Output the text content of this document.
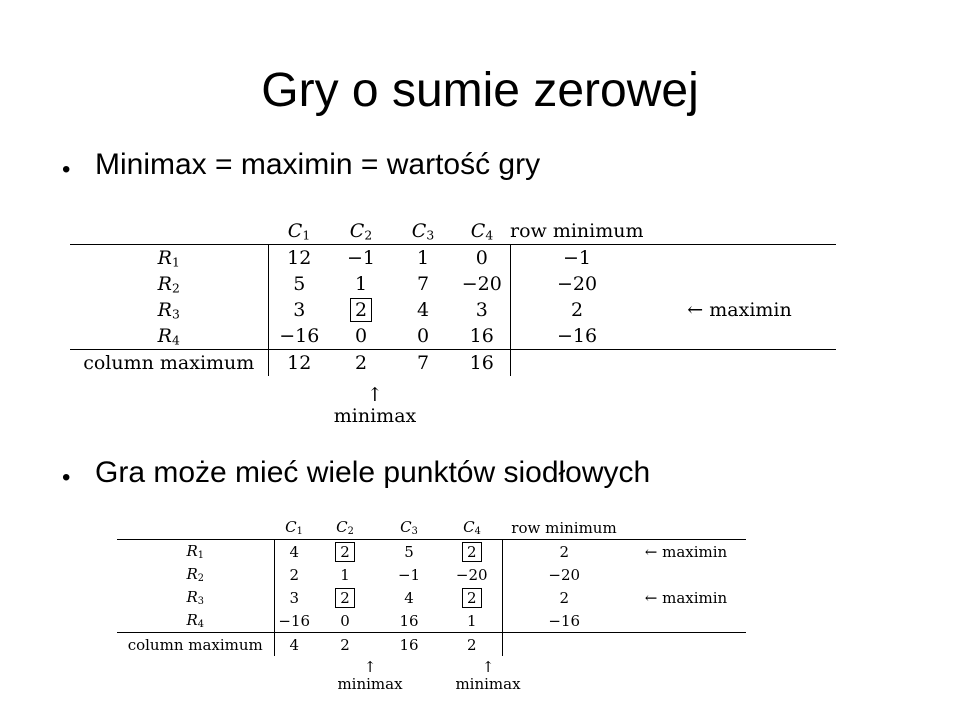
Gry o sumie zerowej
• Minimax = maximin = wartość gry
	$C_1$	$C_2$	$C_3$	$C_4$	row minimum	
$R_1$	12	−1	1	0	−1	
$R_2$	5	1	7	−20	−20	
$R_3$	3	2	4	3	2	← maximin
$R_4$	−16	0	0	16	−16	
column maximum	12	2	7	16		
↑
minimax
• Gra może mieć wiele punktów siodłowych
	C1	C2	C3	C4	row minimum	
R1	4	2	5	2	2	← maximin
R2	2	1	−1	−20	−20	
R3	3	2	4	2	2	← maximin
R4	−16	0	16	1	−16	
column maximum	4	2	16	2		
↑
minimax
↑
minimax
